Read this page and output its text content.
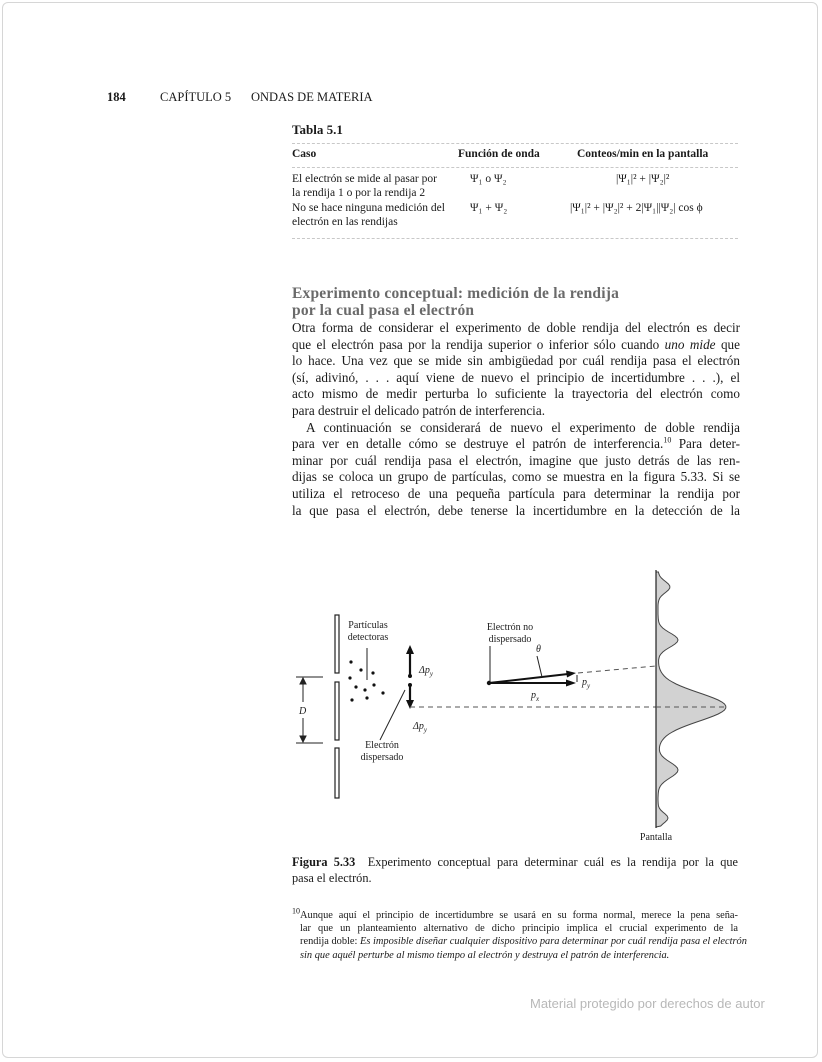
184	CAPÍTULO 5 ONDAS DE MATERIA
Tabla 5.1
Caso	Función de onda	Conteos/min en la pantalla
El electrón se mide al pasar por
la rendija 1 o por la rendija 2
Ψ₁ o Ψ₂	|Ψ₁|² + |Ψ₂|²
No se hace ninguna medición del
electrón en las rendijas
Ψ₁ + Ψ₂	|Ψ₁|² + |Ψ₂|² + 2|Ψ₁||Ψ₂| cos ϕ
Experimento conceptual: medición de la rendija
por la cual pasa el electrón
Otra forma de considerar el experimento de doble rendija del electrón es decir
que el electrón pasa por la rendija superior o inferior sólo cuando uno mide que
lo hace. Una vez que se mide sin ambigüedad por cuál rendija pasa el electrón
(sí, adivinó, . . . aquí viene de nuevo el principio de incertidumbre . . .), el
acto mismo de medir perturba lo suficiente la trayectoria del electrón como
para destruir el delicado patrón de interferencia.
A continuación se considerará de nuevo el experimento de doble rendija
para ver en detalle cómo se destruye el patrón de interferencia.$^{10}$ Para deter-
minar por cuál rendija pasa el electrón, imagine que justo detrás de las ren-
dijas se coloca un grupo de partículas, como se muestra en la figura 5.33. Si se
utiliza el retroceso de una pequeña partícula para determinar la rendija por
la que pasa el electrón, debe tenerse la incertidumbre en la detección de la
D
Partículas
detectoras
$\Delta p_y$
$\Delta p_y$
Electrón
dispersado
Electrón no
dispersado
θ
$p_y$
$p_x$
Pantalla
Figura 5.33 Experimento conceptual para determinar cuál es la rendija por la que
pasa el electrón.
$^{10}$Aunque aquí el principio de incertidumbre se usará en su forma normal, merece la pena seña-
lar que un planteamiento alternativo de dicho principio implica el crucial experimento de la
rendija doble: Es imposible diseñar cualquier dispositivo para determinar por cuál rendija pasa el electrón
sin que aquél perturbe al mismo tiempo al electrón y destruya el patrón de interferencia.
Material protegido por derechos de autor
